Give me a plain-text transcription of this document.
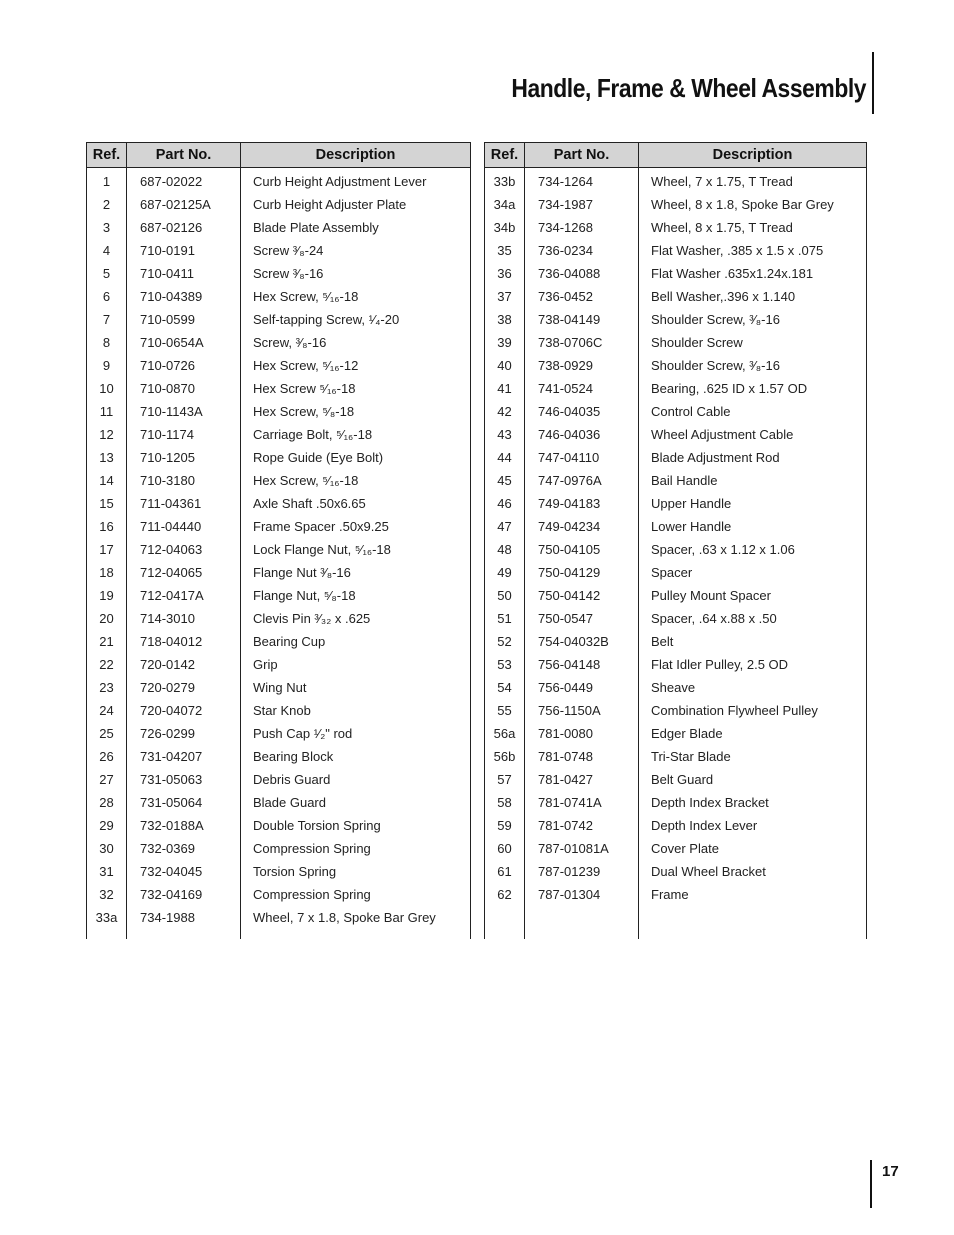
Handle, Frame & Wheel Assembly
Ref.	Part No.	Description
1	687-02022	Curb Height Adjustment Lever
2	687-02125A	Curb Height Adjuster Plate
3	687-02126	Blade Plate Assembly
4	710-0191	Screw ³⁄₈-24
5	710-0411	Screw ³⁄₈-16
6	710-04389	Hex Screw, ⁵⁄₁₆-18
7	710-0599	Self-tapping Screw, ¹⁄₄-20
8	710-0654A	Screw, ³⁄₈-16
9	710-0726	Hex Screw, ⁵⁄₁₆-12
10	710-0870	Hex Screw ⁵⁄₁₆-18
11	710-1143A	Hex Screw, ⁵⁄₈-18
12	710-1174	Carriage Bolt, ⁵⁄₁₆-18
13	710-1205	Rope Guide (Eye Bolt)
14	710-3180	Hex Screw, ⁵⁄₁₆-18
15	711-04361	Axle Shaft .50x6.65
16	711-04440	Frame Spacer .50x9.25
17	712-04063	Lock Flange Nut, ⁵⁄₁₆-18
18	712-04065	Flange Nut ³⁄₈-16
19	712-0417A	Flange Nut, ⁵⁄₈-18
20	714-3010	Clevis Pin ³⁄₃₂ x .625
21	718-04012	Bearing Cup
22	720-0142	Grip
23	720-0279	Wing Nut
24	720-04072	Star Knob
25	726-0299	Push Cap ¹⁄₂" rod
26	731-04207	Bearing Block
27	731-05063	Debris Guard
28	731-05064	Blade Guard
29	732-0188A	Double Torsion Spring
30	732-0369	Compression Spring
31	732-04045	Torsion Spring
32	732-04169	Compression Spring
33a	734-1988	Wheel, 7 x 1.8, Spoke Bar Grey

Ref.	Part No.	Description
33b	734-1264	Wheel, 7 x 1.75, T Tread
34a	734-1987	Wheel, 8 x 1.8, Spoke Bar Grey
34b	734-1268	Wheel, 8 x 1.75, T Tread
35	736-0234	Flat Washer, .385 x 1.5 x .075
36	736-04088	Flat Washer .635x1.24x.181
37	736-0452	Bell Washer,.396 x 1.140
38	738-04149	Shoulder Screw, ³⁄₈-16
39	738-0706C	Shoulder Screw
40	738-0929	Shoulder Screw, ³⁄₈-16
41	741-0524	Bearing, .625 ID x 1.57 OD
42	746-04035	Control Cable
43	746-04036	Wheel Adjustment Cable
44	747-04110	Blade Adjustment Rod
45	747-0976A	Bail Handle
46	749-04183	Upper Handle
47	749-04234	Lower Handle
48	750-04105	Spacer, .63 x 1.12 x 1.06
49	750-04129	Spacer
50	750-04142	Pulley Mount Spacer
51	750-0547	Spacer, .64 x.88 x .50
52	754-04032B	Belt
53	756-04148	Flat Idler Pulley, 2.5 OD
54	756-0449	Sheave
55	756-1150A	Combination Flywheel Pulley
56a	781-0080	Edger Blade
56b	781-0748	Tri-Star Blade
57	781-0427	Belt Guard
58	781-0741A	Depth Index Bracket
59	781-0742	Depth Index Lever
60	787-01081A	Cover Plate
61	787-01239	Dual Wheel Bracket
62	787-01304	Frame

17
